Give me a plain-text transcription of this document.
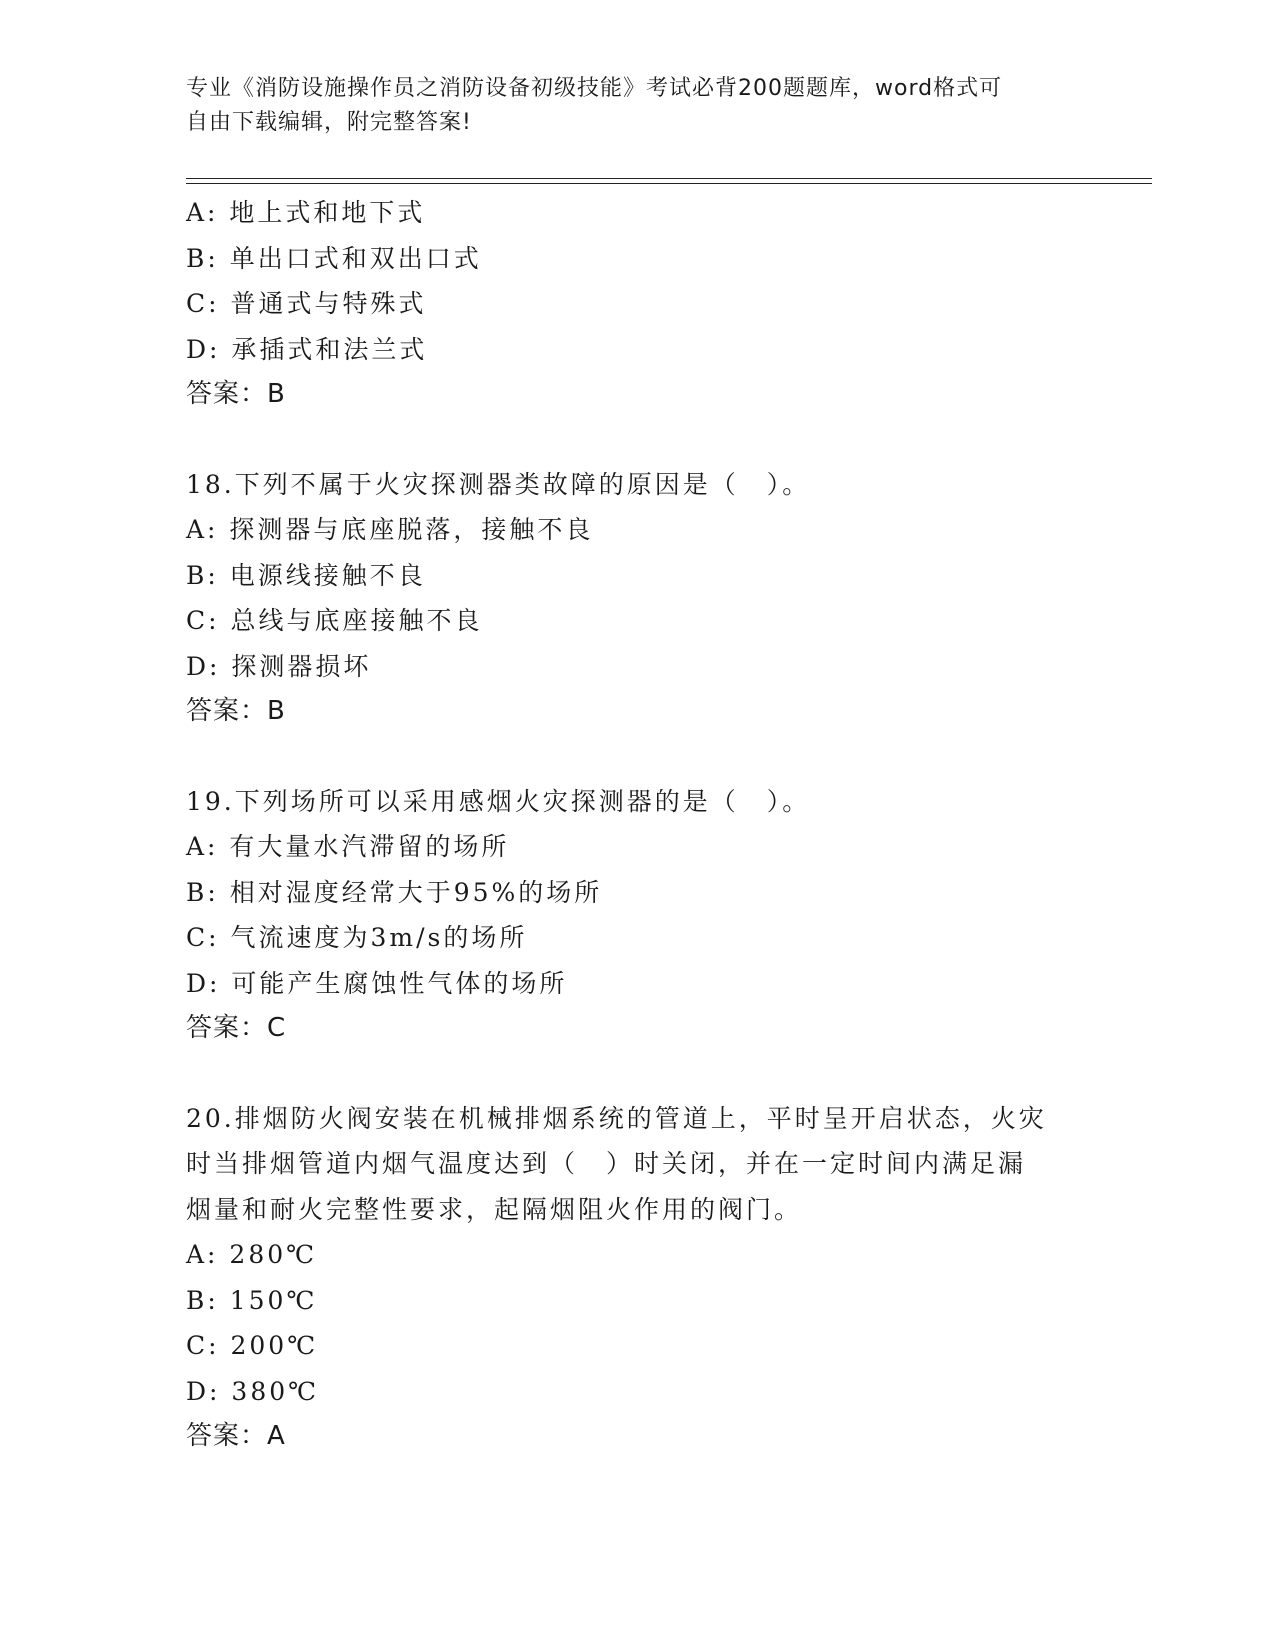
专业《消防设施操作员之消防设备初级技能》考试必背200题题库，word格式可
自由下载编辑，附完整答案!
A: 地上式和地下式
B: 单出口式和双出口式
C: 普通式与特殊式
D: 承插式和法兰式
答案：B
18.下列不属于火灾探测器类故障的原因是（　）。
A: 探测器与底座脱落，接触不良
B: 电源线接触不良
C: 总线与底座接触不良
D: 探测器损坏
答案：B
19.下列场所可以采用感烟火灾探测器的是（　）。
A: 有大量水汽滞留的场所
B: 相对湿度经常大于95%的场所
C: 气流速度为3m/s的场所
D: 可能产生腐蚀性气体的场所
答案：C
20.排烟防火阀安装在机械排烟系统的管道上，平时呈开启状态，火灾
时当排烟管道内烟气温度达到（　）时关闭，并在一定时间内满足漏
烟量和耐火完整性要求，起隔烟阻火作用的阀门。
A: 280℃
B: 150℃
C: 200℃
D: 380℃
答案：A
